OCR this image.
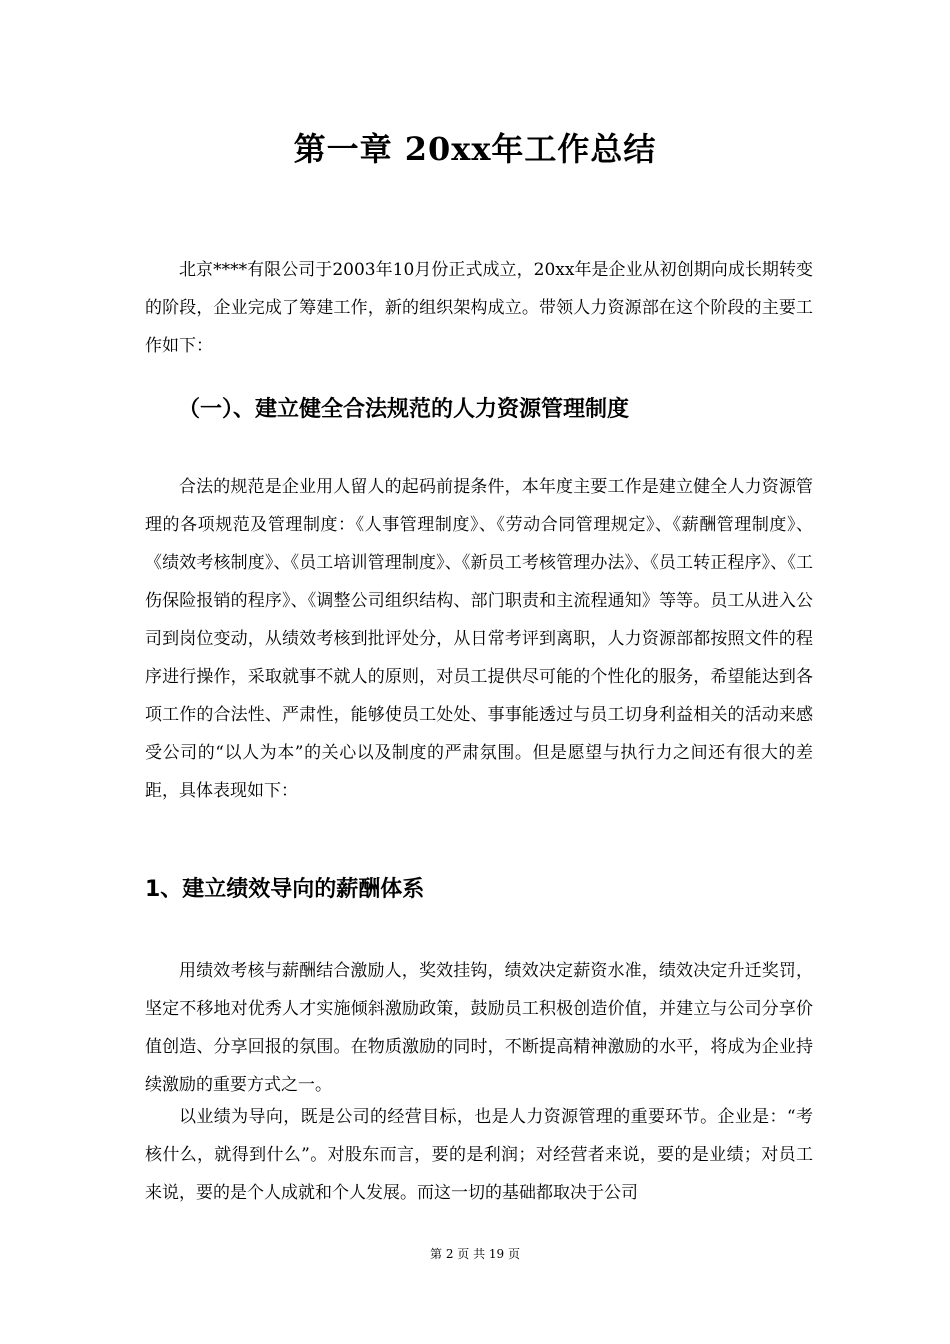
第一章 20xx年工作总结

北京****有限公司于2003年10月份正式成立，20xx年是企业从初创期向成长期转变的阶段，企业完成了筹建工作，新的组织架构成立。带领人力资源部在这个阶段的主要工作如下：

（一）、建立健全合法规范的人力资源管理制度

合法的规范是企业用人留人的起码前提条件，本年度主要工作是建立健全人力资源管理的各项规范及管理制度：《人事管理制度》、《劳动合同管理规定》、《薪酬管理制度》、《绩效考核制度》、《员工培训管理制度》、《新员工考核管理办法》、《员工转正程序》、《工伤保险报销的程序》、《调整公司组织结构、部门职责和主流程通知》等等。员工从进入公司到岗位变动，从绩效考核到批评处分，从日常考评到离职，人力资源部都按照文件的程序进行操作，采取就事不就人的原则，对员工提供尽可能的个性化的服务，希望能达到各项工作的合法性、严肃性，能够使员工处处、事事能透过与员工切身利益相关的活动来感受公司的“以人为本”的关心以及制度的严肃氛围。但是愿望与执行力之间还有很大的差距，具体表现如下：

1、建立绩效导向的薪酬体系

用绩效考核与薪酬结合激励人，奖效挂钩，绩效决定薪资水准，绩效决定升迁奖罚，坚定不移地对优秀人才实施倾斜激励政策，鼓励员工积极创造价值，并建立与公司分享价值创造、分享回报的氛围。在物质激励的同时，不断提高精神激励的水平，将成为企业持续激励的重要方式之一。

以业绩为导向，既是公司的经营目标，也是人力资源管理的重要环节。企业是：“考核什么，就得到什么”。对股东而言，要的是利润；对经营者来说，要的是业绩；对员工来说，要的是个人成就和个人发展。而这一切的基础都取决于公司

第 2 页 共 19 页
